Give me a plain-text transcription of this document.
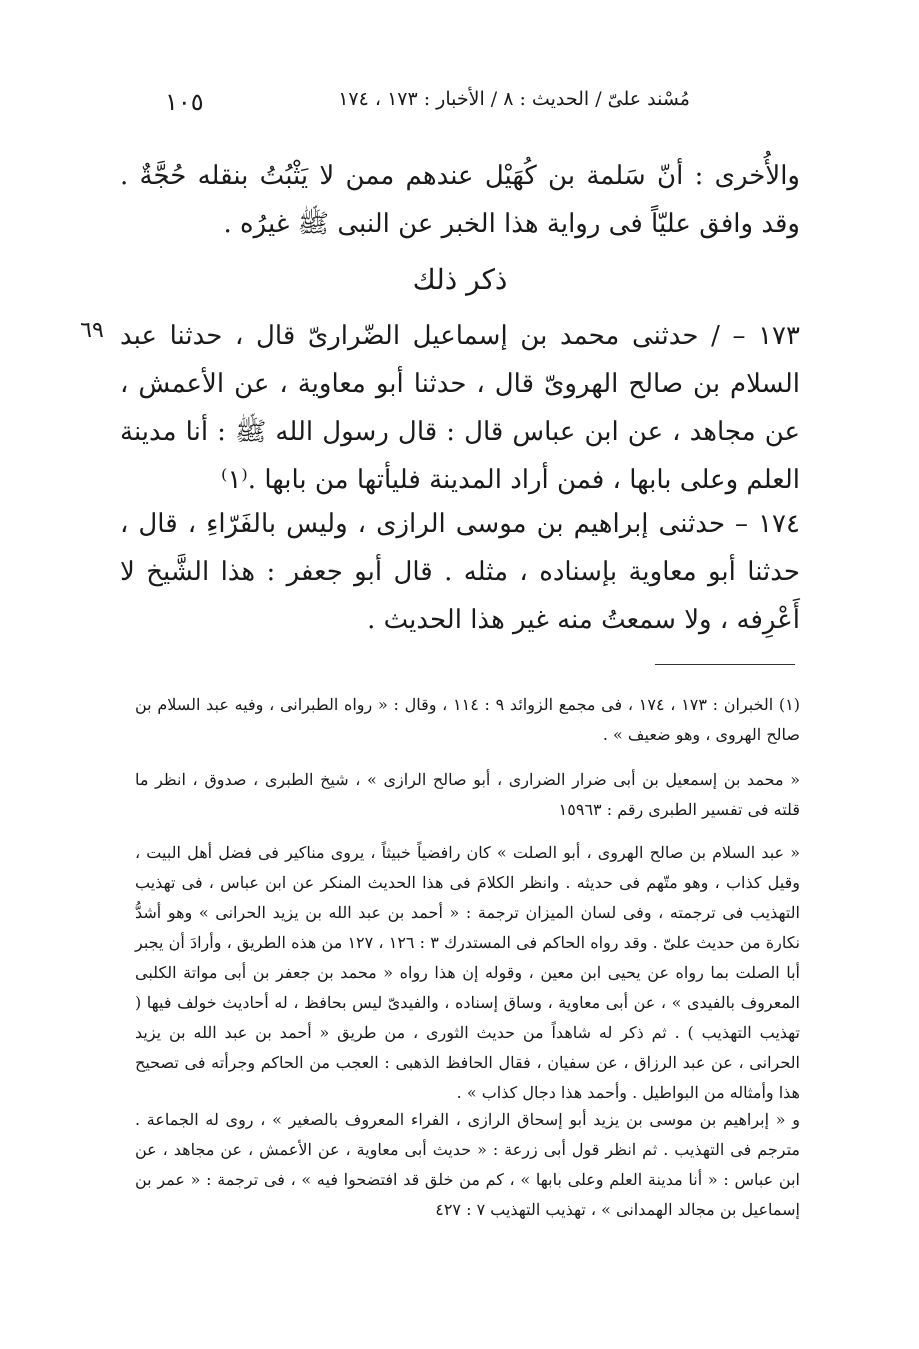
مُسْند علىّ / الحديث : ٨ / الأخبار : ١٧٣ ، ١٧٤
١٠٥

والأُخرى : أنّ سَلمة بن كُهَيْل عندهم ممن لا يَثْبُتُ بنقله حُجَّةٌ . وقد وافق عليّاً فى رواية هذا الخبر عن النبى ﷺ غيرُه .

ذكر ذلك
٦٩ ١٧٣ – / حدثنى محمد بن إسماعيل الضّرارىّ قال ، حدثنا عبد السلام بن صالح الهروىّ قال ، حدثنا أبو معاوية ، عن الأعمش ، عن مجاهد ، عن ابن عباس قال : قال رسول الله ﷺ : أنا مدينة العلم وعلى بابها ، فمن أراد المدينة فليأتها من بابها .⁽١⁾

١٧٤ – حدثنى إبراهيم بن موسى الرازى ، وليس بالفَرّاءِ ، قال ، حدثنا أبو معاوية بإسناده ، مثله . قال أبو جعفر : هذا الشَّيخ لا أَعْرِفه ، ولا سمعتُ منه غير هذا الحديث .

(١) الخبران : ١٧٣ ، ١٧٤ ، فى مجمع الزوائد ٩ : ١١٤ ، وقال : « رواه الطبرانى ، وفيه عبد السلام بن صالح الهروى ، وهو ضعيف » .

« محمد بن إسمعيل بن أبى ضرار الضرارى ، أبو صالح الرازى » ، شيخ الطبرى ، صدوق ، انظر ما قلته فى تفسير الطبرى رقم : ١٥٩٦٣

« عبد السلام بن صالح الهروى ، أبو الصلت » كان رافضياً خبيثاً ، يروى مناكير فى فضل أهل البيت ، وقيل كذاب ، وهو متّهم فى حديثه . وانظر الكلامَ فى هذا الحديث المنكر عن ابن عباس ، فى تهذيب التهذيب فى ترجمته ، وفى لسان الميزان ترجمة : « أحمد بن عبد الله بن يزيد الحرانى » وهو أشدُّ نكارة من حديث علىّ . وقد رواه الحاكم فى المستدرك ٣ : ١٢٦ ، ١٢٧ من هذه الطريق ، وأرادَ أن يجبر أبا الصلت بما رواه عن يحيى ابن معين ، وقوله إن هذا رواه « محمد بن جعفر بن أبى مواتة الكلبى المعروف بالفيدى » ، عن أبى معاوية ، وساق إسناده ، والفيدىّ ليس بحافظ ، له أحاديث خولف فيها ( تهذيب التهذيب ) . ثم ذكر له شاهداً من حديث الثورى ، من طريق « أحمد بن عبد الله بن يزيد الحرانى ، عن عبد الرزاق ، عن سفيان ، فقال الحافظ الذهبى : العجب من الحاكم وجرأته فى تصحيح هذا وأمثاله من البواطيل . وأحمد هذا دجال كذاب » .

و « إبراهيم بن موسى بن يزيد أبو إسحاق الرازى ، الفراء المعروف بالصغير » ، روى له الجماعة . مترجم فى التهذيب . ثم انظر قول أبى زرعة : « حديث أبى معاوية ، عن الأعمش ، عن مجاهد ، عن ابن عباس : « أنا مدينة العلم وعلى بابها » ، كم من خلق قد افتضحوا فيه » ، فى ترجمة : « عمر بن إسماعيل بن مجالد الهمدانى » ، تهذيب التهذيب ٧ : ٤٢٧
